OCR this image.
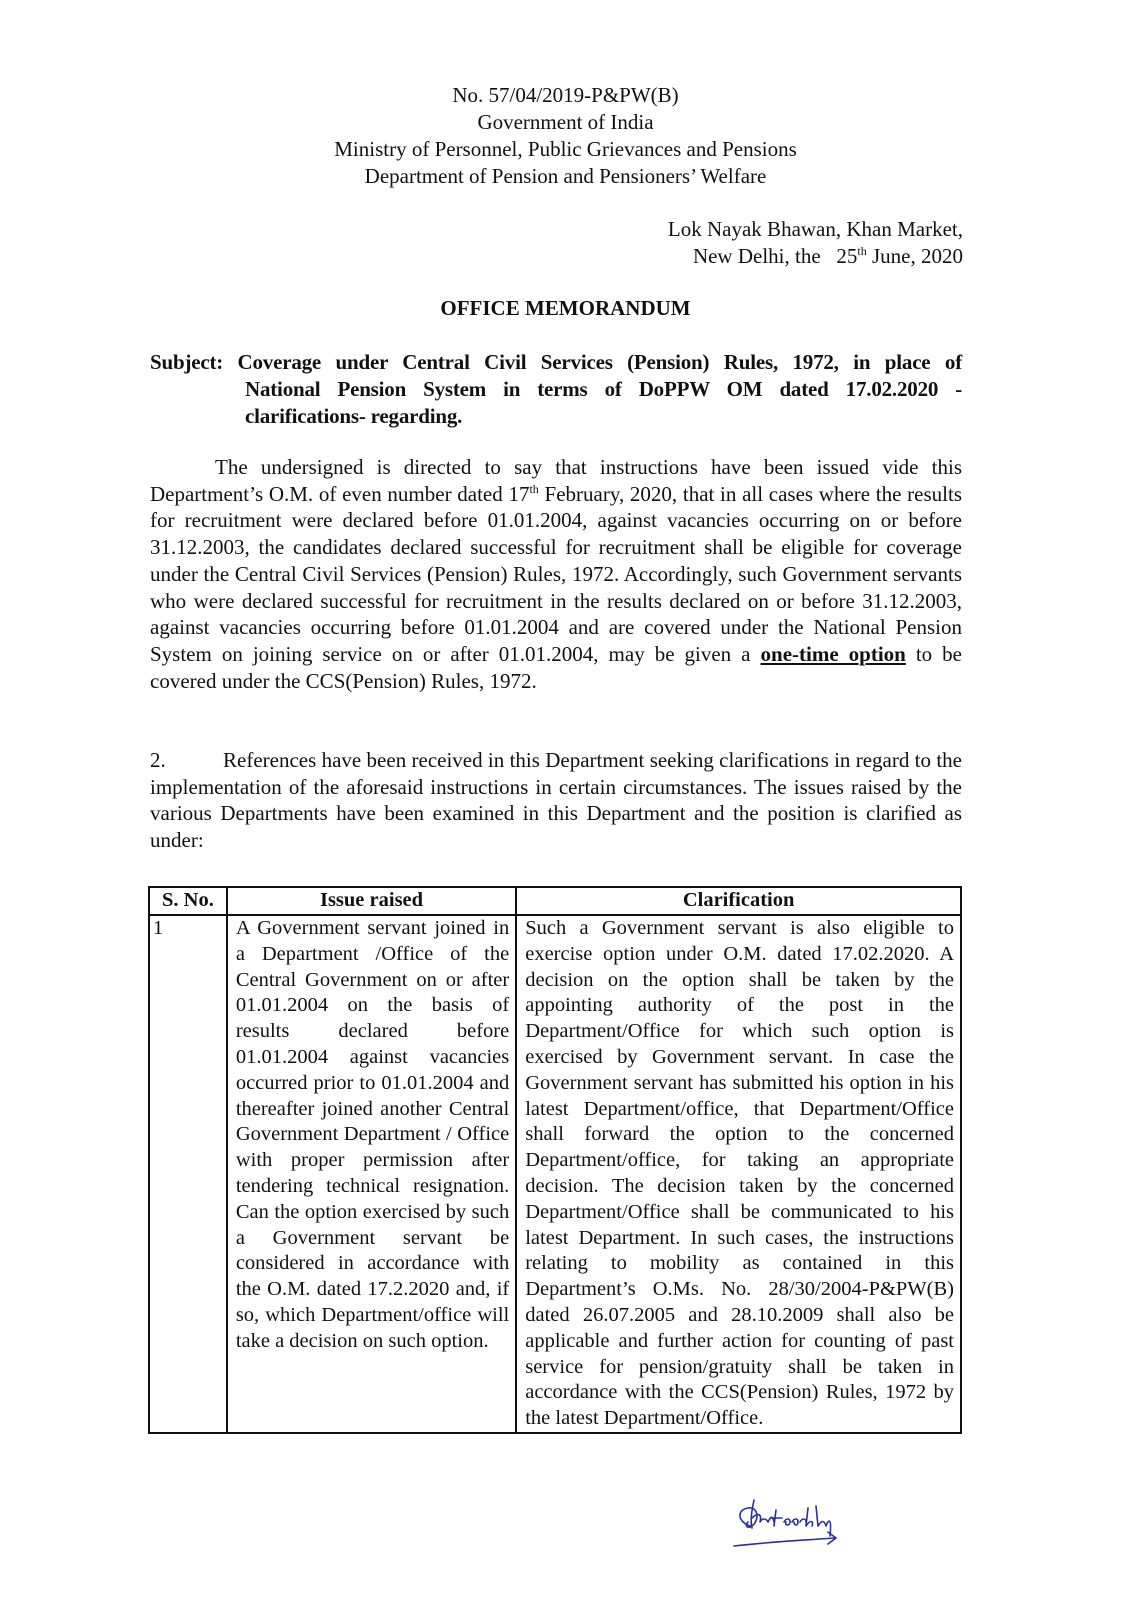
No. 57/04/2019-P&PW(B)
Government of India
Ministry of Personnel, Public Grievances and Pensions
Department of Pension and Pensioners’ Welfare
Lok Nayak Bhawan, Khan Market,
New Delhi, the   25th June, 2020
OFFICE MEMORANDUM
Subject: Coverage under Central Civil Services (Pension) Rules, 1972, in place of
National Pension System in terms of DoPPW OM dated 17.02.2020 -
clarifications- regarding.
The undersigned is directed to say that instructions have been issued vide this Department’s O.M. of even number dated 17th February, 2020, that in all cases where the results for recruitment were declared before 01.01.2004, against vacancies occurring on or before 31.12.2003, the candidates declared successful for recruitment shall be eligible for coverage under the Central Civil Services (Pension) Rules, 1972. Accordingly, such Government servants who were declared successful for recruitment in the results declared on or before 31.12.2003, against vacancies occurring before 01.01.2004 and are covered under the National Pension System on joining service on or after 01.01.2004, may be given a one-time option to be covered under the CCS(Pension) Rules, 1972.
2.	References have been received in this Department seeking clarifications in regard to the implementation of the aforesaid instructions in certain circumstances. The issues raised by the various Departments have been examined in this Department and the position is clarified as under:
S. No.	Issue raised	Clarification
1	A Government servant joined in a Department /Office of the Central Government on or after 01.01.2004 on the basis of results declared before 01.01.2004 against vacancies occurred prior to 01.01.2004 and thereafter joined another Central Government Department / Office with proper permission after tendering technical resignation. Can the option exercised by such a Government servant be considered in accordance with the O.M. dated 17.2.2020 and, if so, which Department/office will take a decision on such option.	Such a Government servant is also eligible to exercise option under O.M. dated 17.02.2020. A decision on the option shall be taken by the appointing authority of the post in the Department/Office for which such option is exercised by Government servant. In case the Government servant has submitted his option in his latest Department/office, that Department/Office shall forward the option to the concerned Department/office, for taking an appropriate decision. The decision taken by the concerned Department/Office shall be communicated to his latest Department. In such cases, the instructions relating to mobility as contained in this Department’s O.Ms. No. 28/30/2004-P&PW(B) dated 26.07.2005 and 28.10.2009 shall also be applicable and further action for counting of past service for pension/gratuity shall be taken in accordance with the CCS(Pension) Rules, 1972 by the latest Department/Office.
